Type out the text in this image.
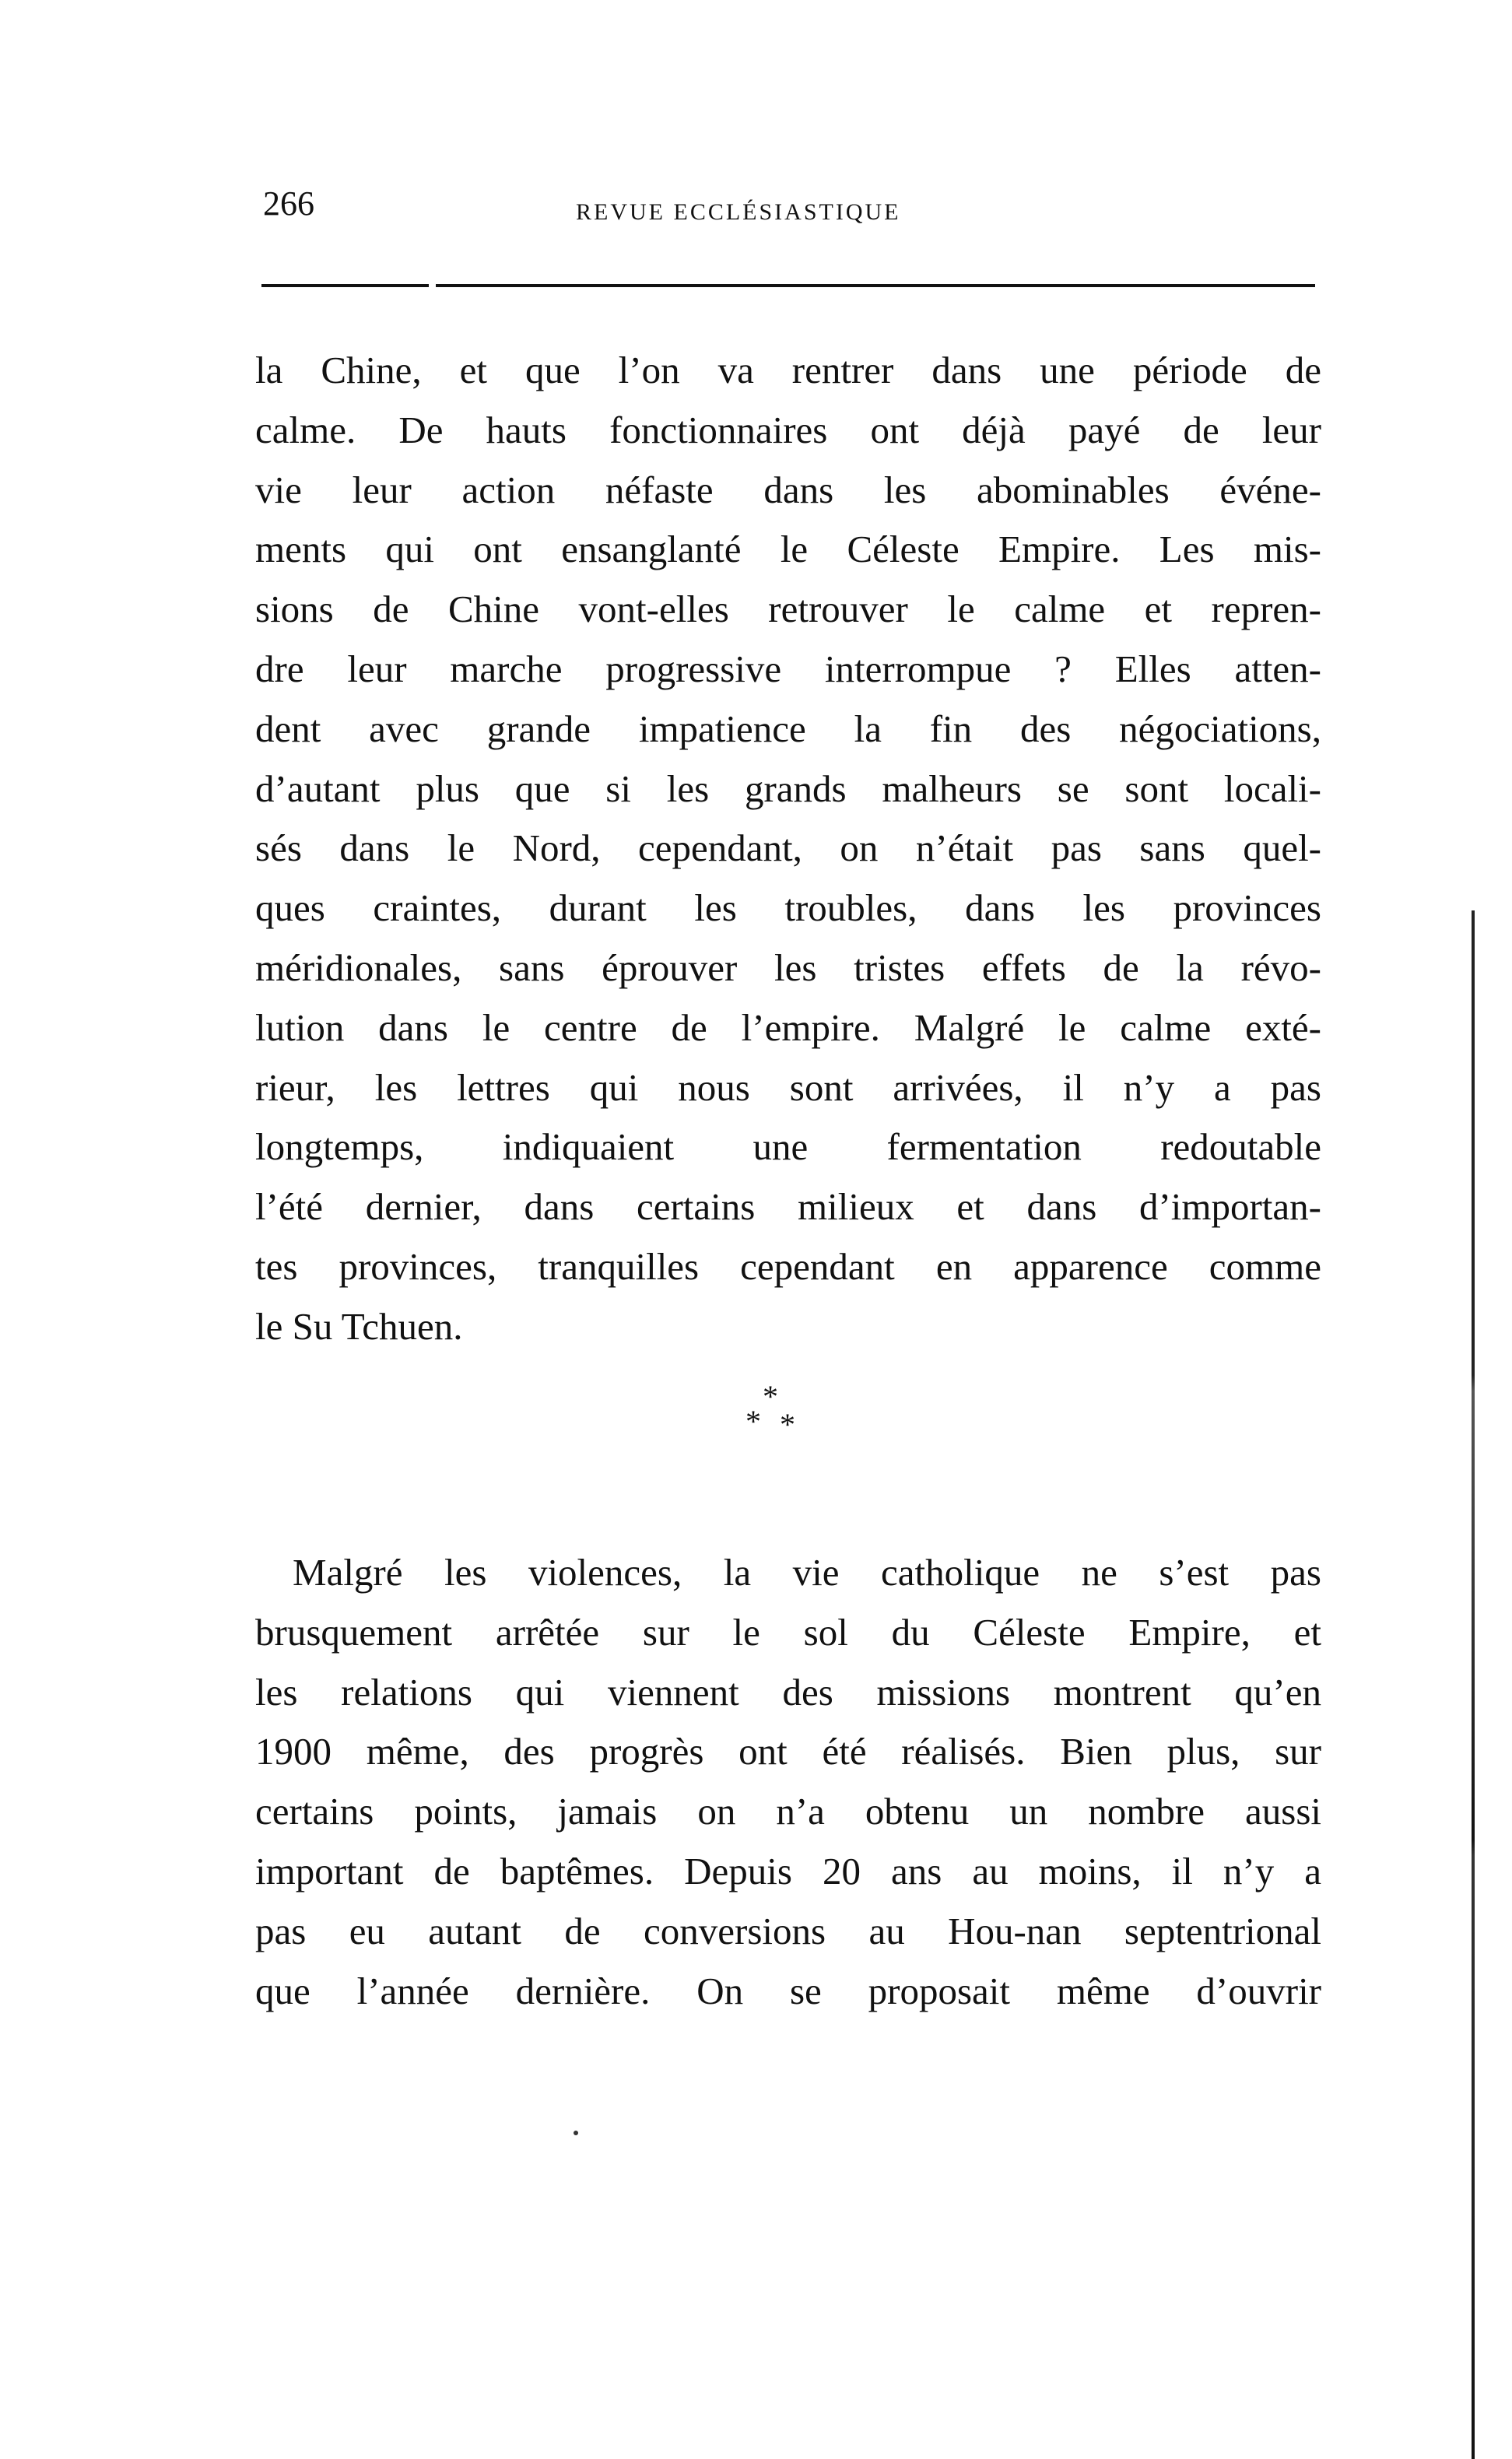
266	REVUE ECCLÉSIASTIQUE
la Chine, et que l’on va rentrer dans une période de
calme. De hauts fonctionnaires ont déjà payé de leur
vie leur action néfaste dans les abominables événe-
ments qui ont ensanglanté le Céleste Empire. Les mis-
sions de Chine vont-elles retrouver le calme et repren-
dre leur marche progressive interrompue ? Elles atten-
dent avec grande impatience la fin des négociations,
d’autant plus que si les grands malheurs se sont locali-
sés dans le Nord, cependant, on n’était pas sans quel-
ques craintes, durant les troubles, dans les provinces
méridionales, sans éprouver les tristes effets de la révo-
lution dans le centre de l’empire. Malgré le calme exté-
rieur, les lettres qui nous sont arrivées, il n’y a pas
longtemps, indiquaient une fermentation redoutable
l’été dernier, dans certains milieux et dans d’importan-
tes provinces, tranquilles cependant en apparence comme
le Su Tchuen.
*
* *
Malgré les violences, la vie catholique ne s’est pas
brusquement arrêtée sur le sol du Céleste Empire, et
les relations qui viennent des missions montrent qu’en
1900 même, des progrès ont été réalisés. Bien plus, sur
certains points, jamais on n’a obtenu un nombre aussi
important de baptêmes. Depuis 20 ans au moins, il n’y a
pas eu autant de conversions au Hou-nan septentrional
que l’année dernière. On se proposait même d’ouvrir
